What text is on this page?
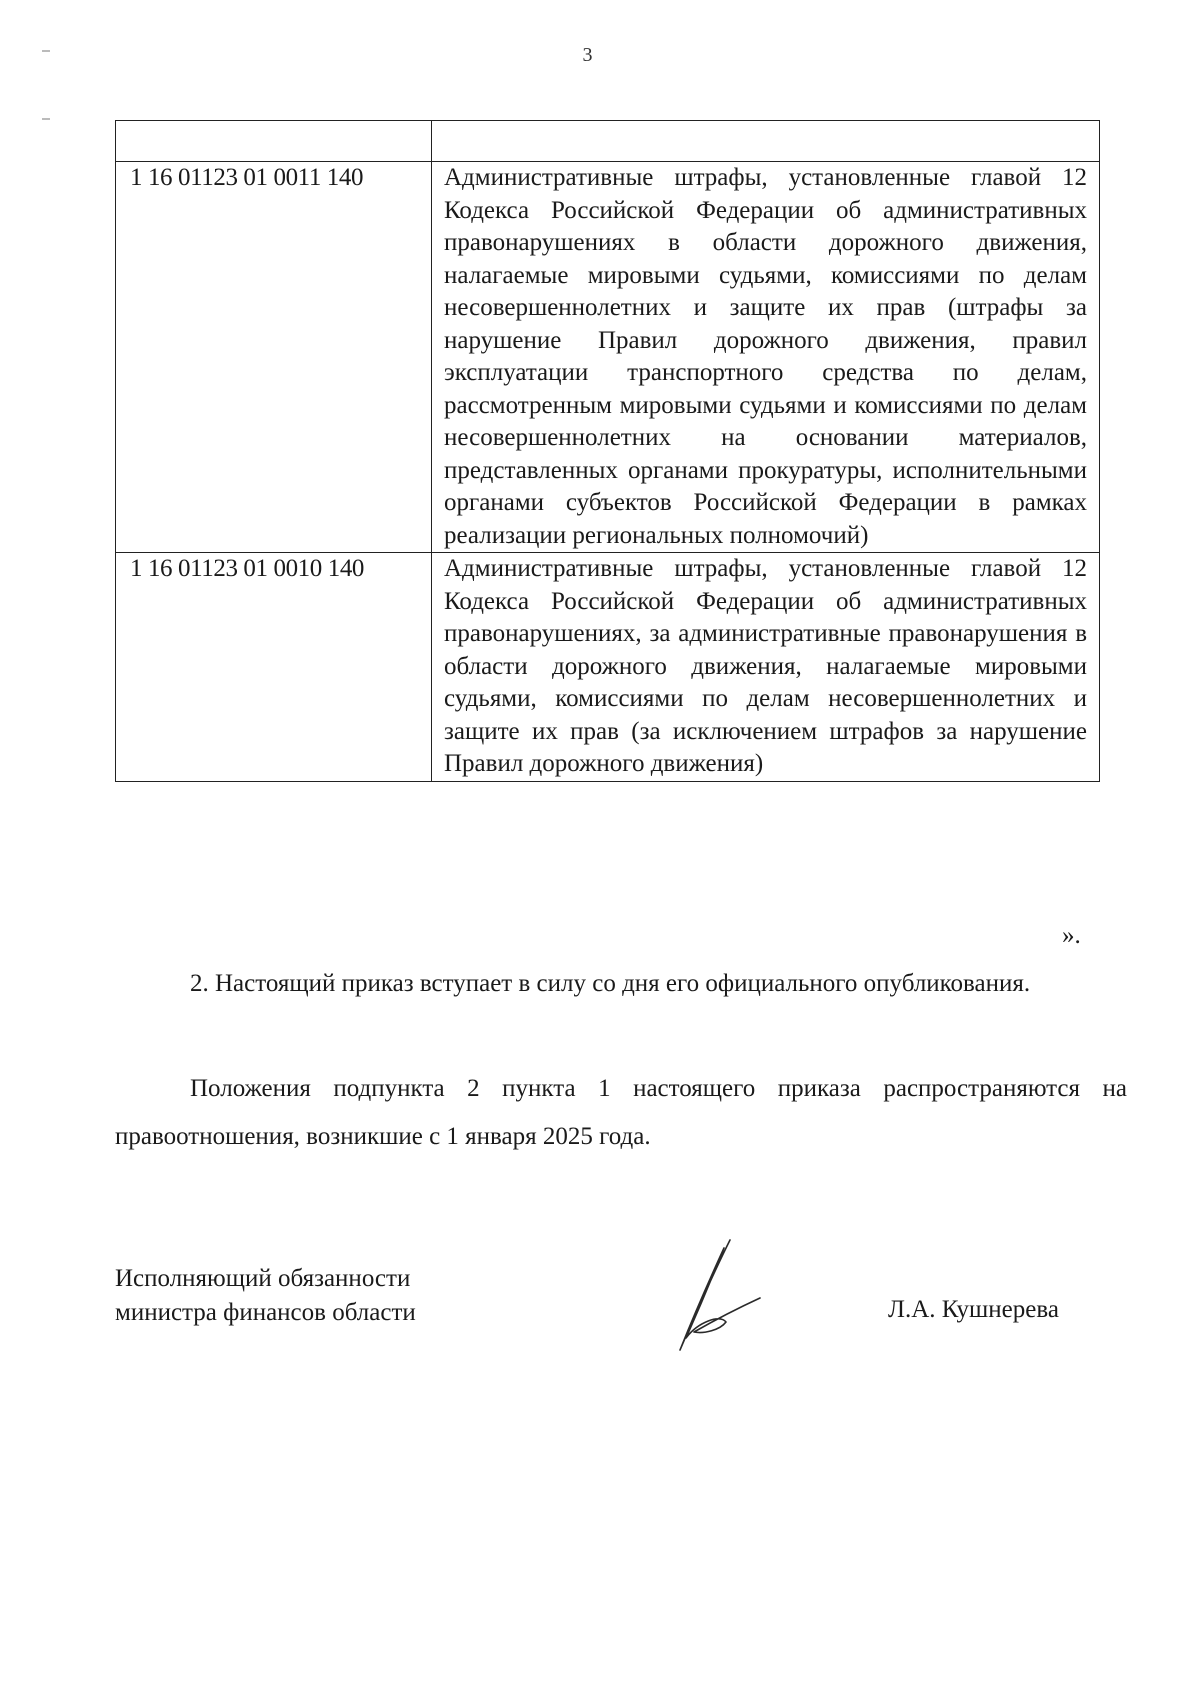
3

1 16 01123 01 0011 140	Административные штрафы, установленные главой 12 Кодекса Российской Федерации об административных правонарушениях в области дорожного движения, налагаемые мировыми судьями, комиссиями по делам несовершеннолетних и защите их прав (штрафы за нарушение Правил дорожного движения, правил эксплуатации транспортного средства по делам, рассмотренным мировыми судьями и комиссиями по делам несовершеннолетних на основании материалов, представленных органами прокуратуры, исполнительными органами субъектов Российской Федерации в рамках реализации региональных полномочий)
1 16 01123 01 0010 140	Административные штрафы, установленные главой 12 Кодекса Российской Федерации об административных правонарушениях, за административные правонарушения в области дорожного движения, налагаемые мировыми судьями, комиссиями по делам несовершеннолетних и защите их прав (за исключением штрафов за нарушение Правил дорожного движения)
».

2. Настоящий приказ вступает в силу со дня его официального опубликования.

Положения подпункта 2 пункта 1 настоящего приказа распространяются на правоотношения, возникшие с 1 января 2025 года.

Исполняющий обязанности
министра финансов области	Л.А. Кушнерева
